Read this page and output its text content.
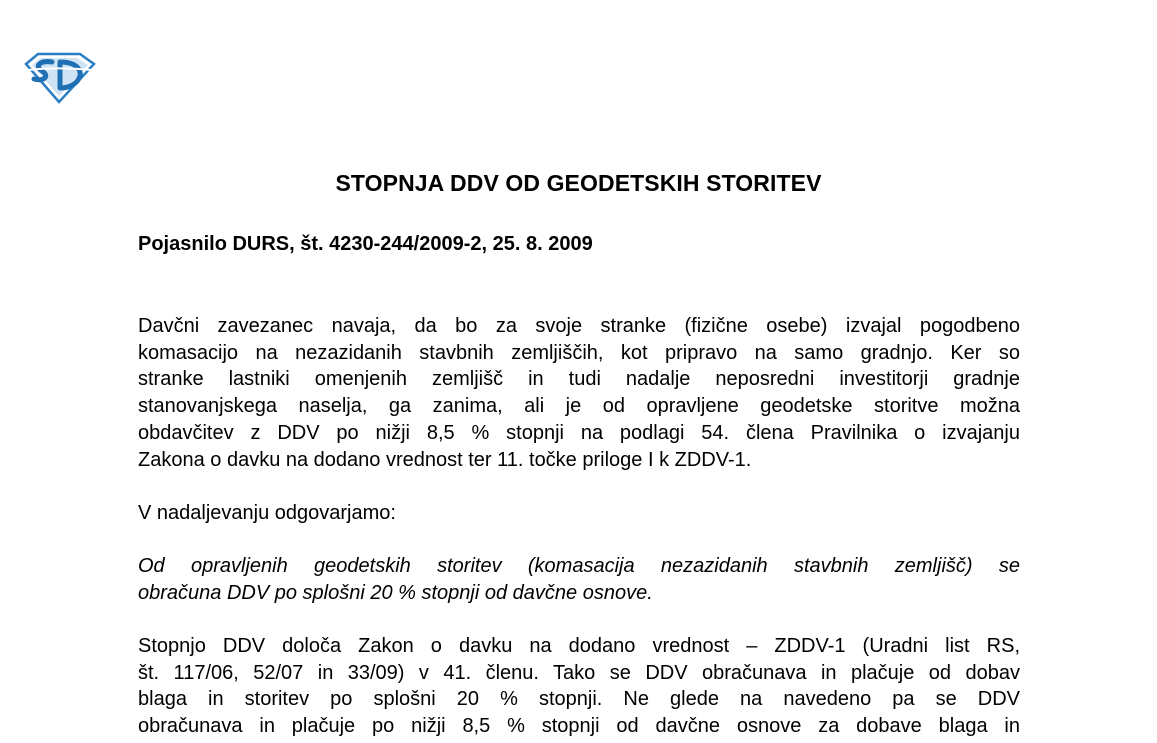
STOPNJA DDV OD GEODETSKIH STORITEV
Pojasnilo DURS, št. 4230-244/2009-2, 25. 8. 2009
Davčni zavezanec navaja, da bo za svoje stranke (fizične osebe) izvajal pogodbeno
komasacijo na nezazidanih stavbnih zemljiščih, kot pripravo na samo gradnjo. Ker so
stranke lastniki omenjenih zemljišč in tudi nadalje neposredni investitorji gradnje
stanovanjskega naselja, ga zanima, ali je od opravljene geodetske storitve možna
obdavčitev z DDV po nižji 8,5 % stopnji na podlagi 54. člena Pravilnika o izvajanju
Zakona o davku na dodano vrednost ter 11. točke priloge I k ZDDV-1.
V nadaljevanju odgovarjamo:
Od opravljenih geodetskih storitev (komasacija nezazidanih stavbnih zemljišč) se
obračuna DDV po splošni 20 % stopnji od davčne osnove.
Stopnjo DDV določa Zakon o davku na dodano vrednost – ZDDV-1 (Uradni list RS,
št. 117/06, 52/07 in 33/09) v 41. členu. Tako se DDV obračunava in plačuje od dobav
blaga in storitev po splošni 20 % stopnji. Ne glede na navedeno pa se DDV
obračunava in plačuje po nižji 8,5 % stopnji od davčne osnove za dobave blaga in
